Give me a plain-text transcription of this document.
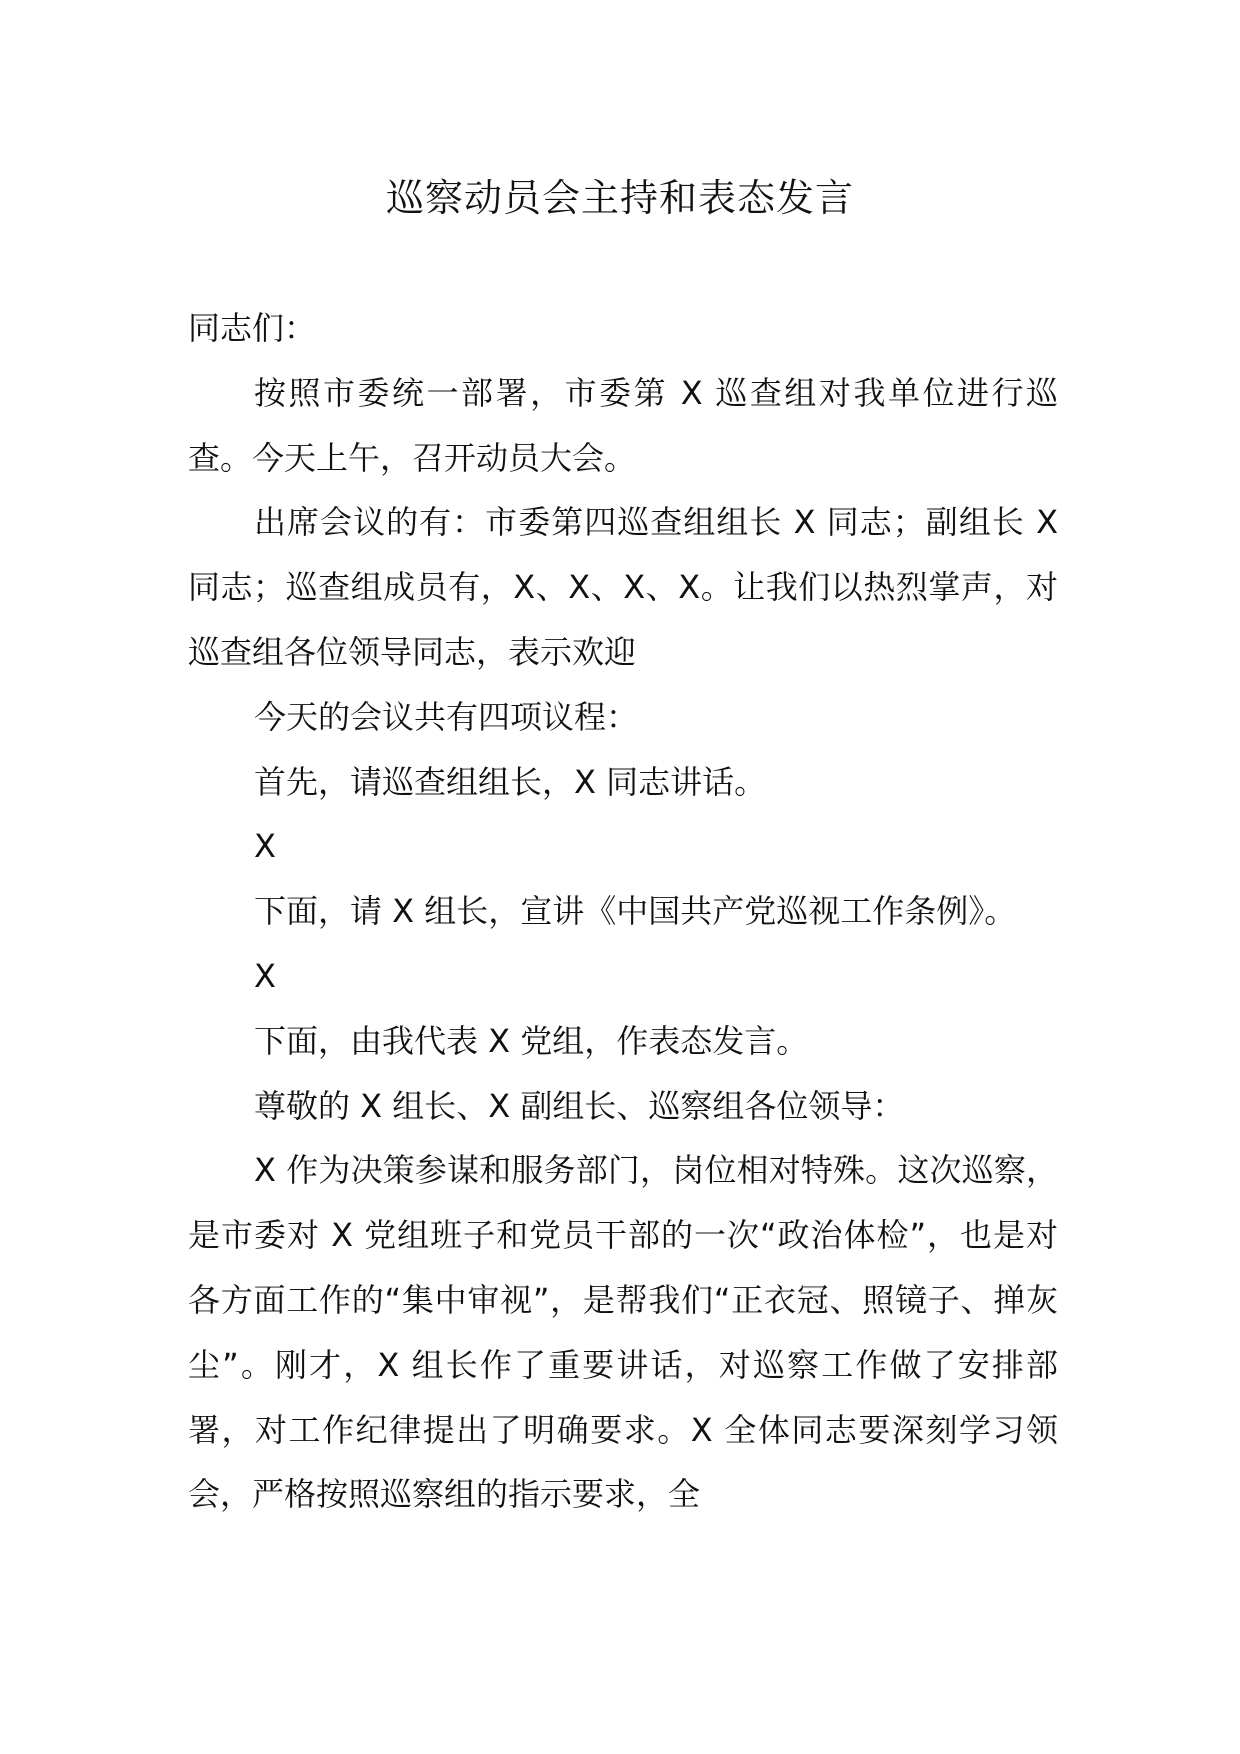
巡察动员会主持和表态发言

同志们：

按照市委统一部署，市委第 X 巡查组对我单位进行巡查。今天上午，召开动员大会。

出席会议的有：市委第四巡查组组长 X 同志；副组长 X 同志；巡查组成员有，X、X、X、X。让我们以热烈掌声，对巡查组各位领导同志，表示欢迎

今天的会议共有四项议程：

首先，请巡查组组长，X 同志讲话。

X

下面，请 X 组长，宣讲《中国共产党巡视工作条例》。

X

下面，由我代表 X 党组，作表态发言。

尊敬的 X 组长、X 副组长、巡察组各位领导：

X 作为决策参谋和服务部门，岗位相对特殊。这次巡察，是市委对 X 党组班子和党员干部的一次“政治体检”，也是对各方面工作的“集中审视”，是帮我们“正衣冠、照镜子、掸灰尘”。刚才，X 组长作了重要讲话，对巡察工作做了安排部署，对工作纪律提出了明确要求。X 全体同志要深刻学习领会，严格按照巡察组的指示要求，全
